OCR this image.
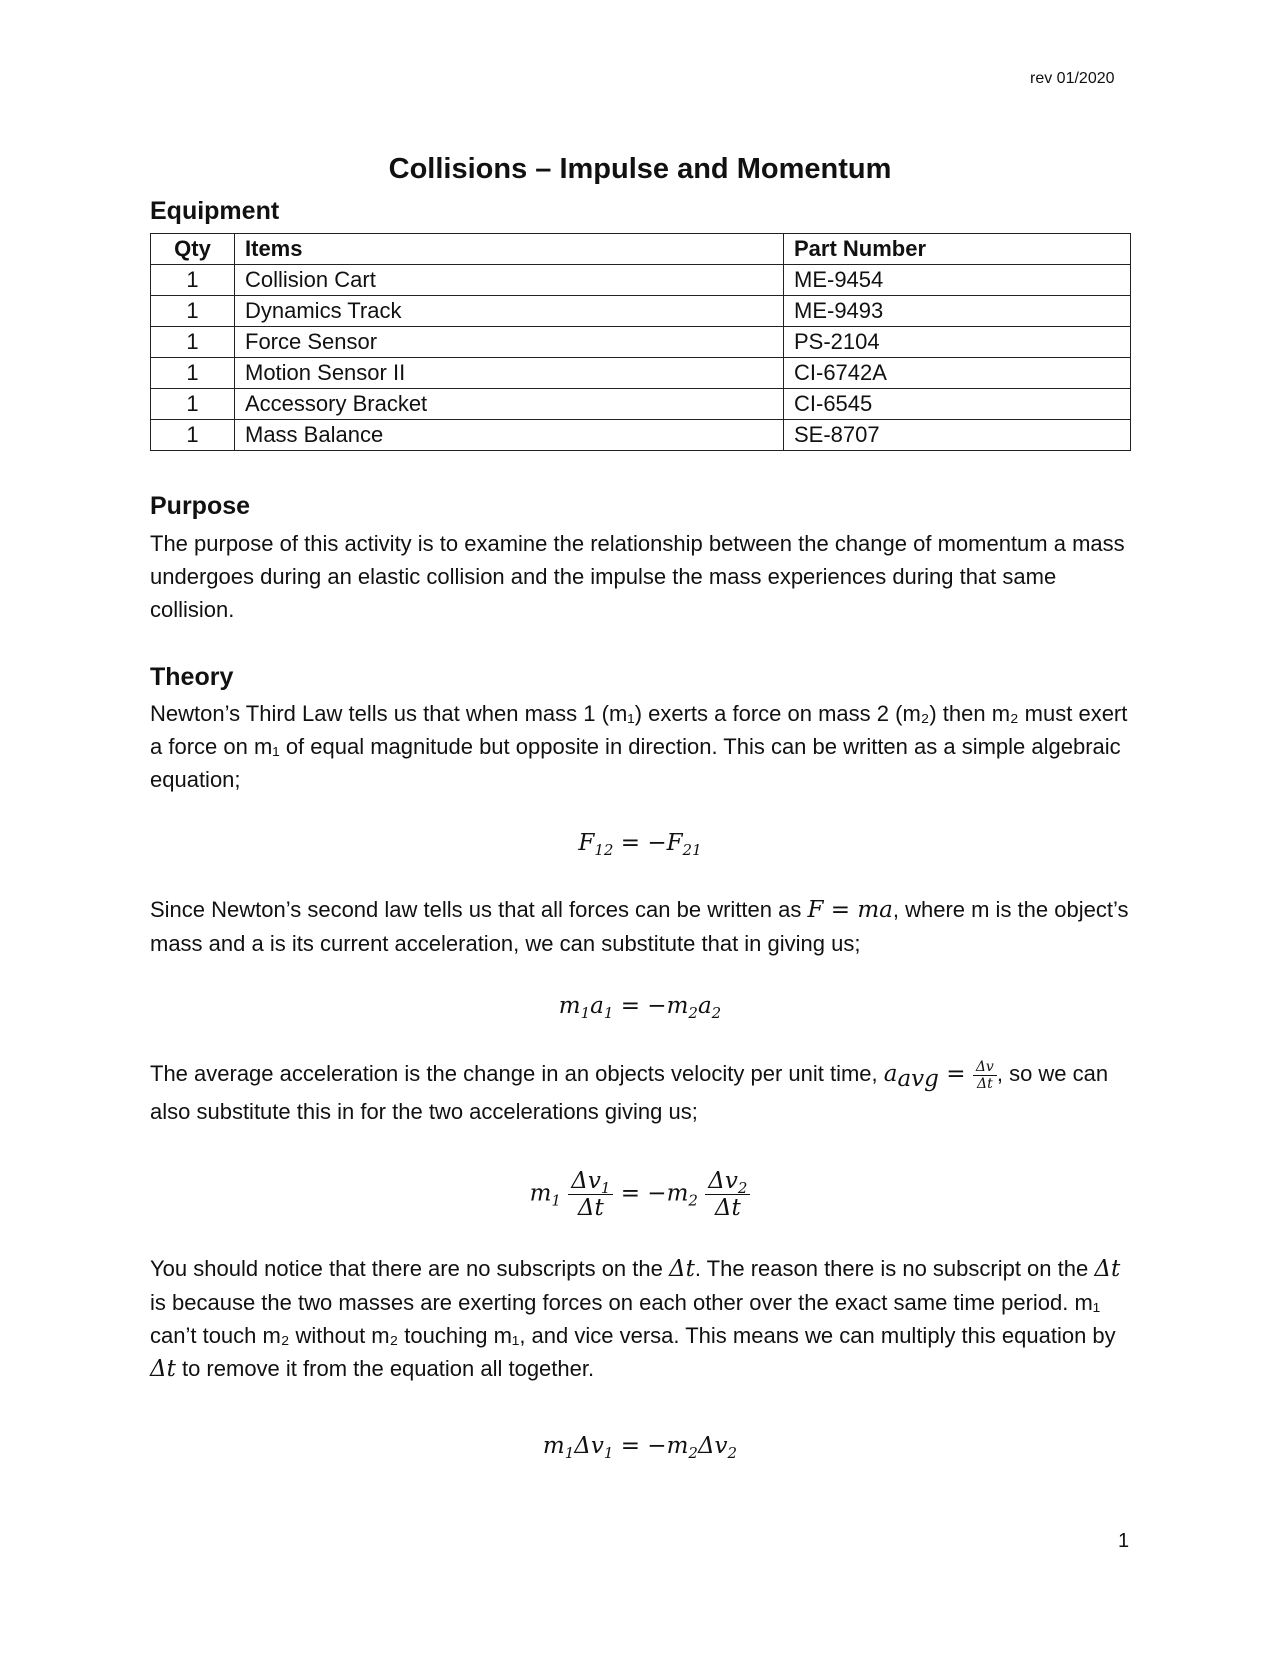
rev 01/2020
Collisions – Impulse and Momentum
Equipment
Qty	Items	Part Number
1	Collision Cart	ME-9454
1	Dynamics Track	ME-9493
1	Force Sensor	PS-2104
1	Motion Sensor II	CI-6742A
1	Accessory Bracket	CI-6545
1	Mass Balance	SE-8707
Purpose
The purpose of this activity is to examine the relationship between the change of momentum a mass undergoes during an elastic collision and the impulse the mass experiences during that same collision.
Theory
Newton’s Third Law tells us that when mass 1 (m₁) exerts a force on mass 2 (m₂) then m₂ must exert a force on m₁ of equal magnitude but opposite in direction. This can be written as a simple algebraic equation;
$F_{12} = -F_{21}$
Since Newton’s second law tells us that all forces can be written as F = ma, where m is the object’s mass and a is its current acceleration, we can substitute that in giving us;
$m_1a_1 = -m_2a_2$
The average acceleration is the change in an objects velocity per unit time, $a_{avg} = \frac{\Delta v}{\Delta t}$ , so we can also substitute this in for the two accelerations giving us;
$m_1 \frac{\Delta v_1}{\Delta t} = -m_2 \frac{\Delta v_2}{\Delta t}$
You should notice that there are no subscripts on the Δt. The reason there is no subscript on the Δt is because the two masses are exerting forces on each other over the exact same time period. m₁ can’t touch m₂ without m₂ touching m₁, and vice versa. This means we can multiply this equation by Δt to remove it from the equation all together.
$m_1\Delta v_1 = -m_2\Delta v_2$
1
